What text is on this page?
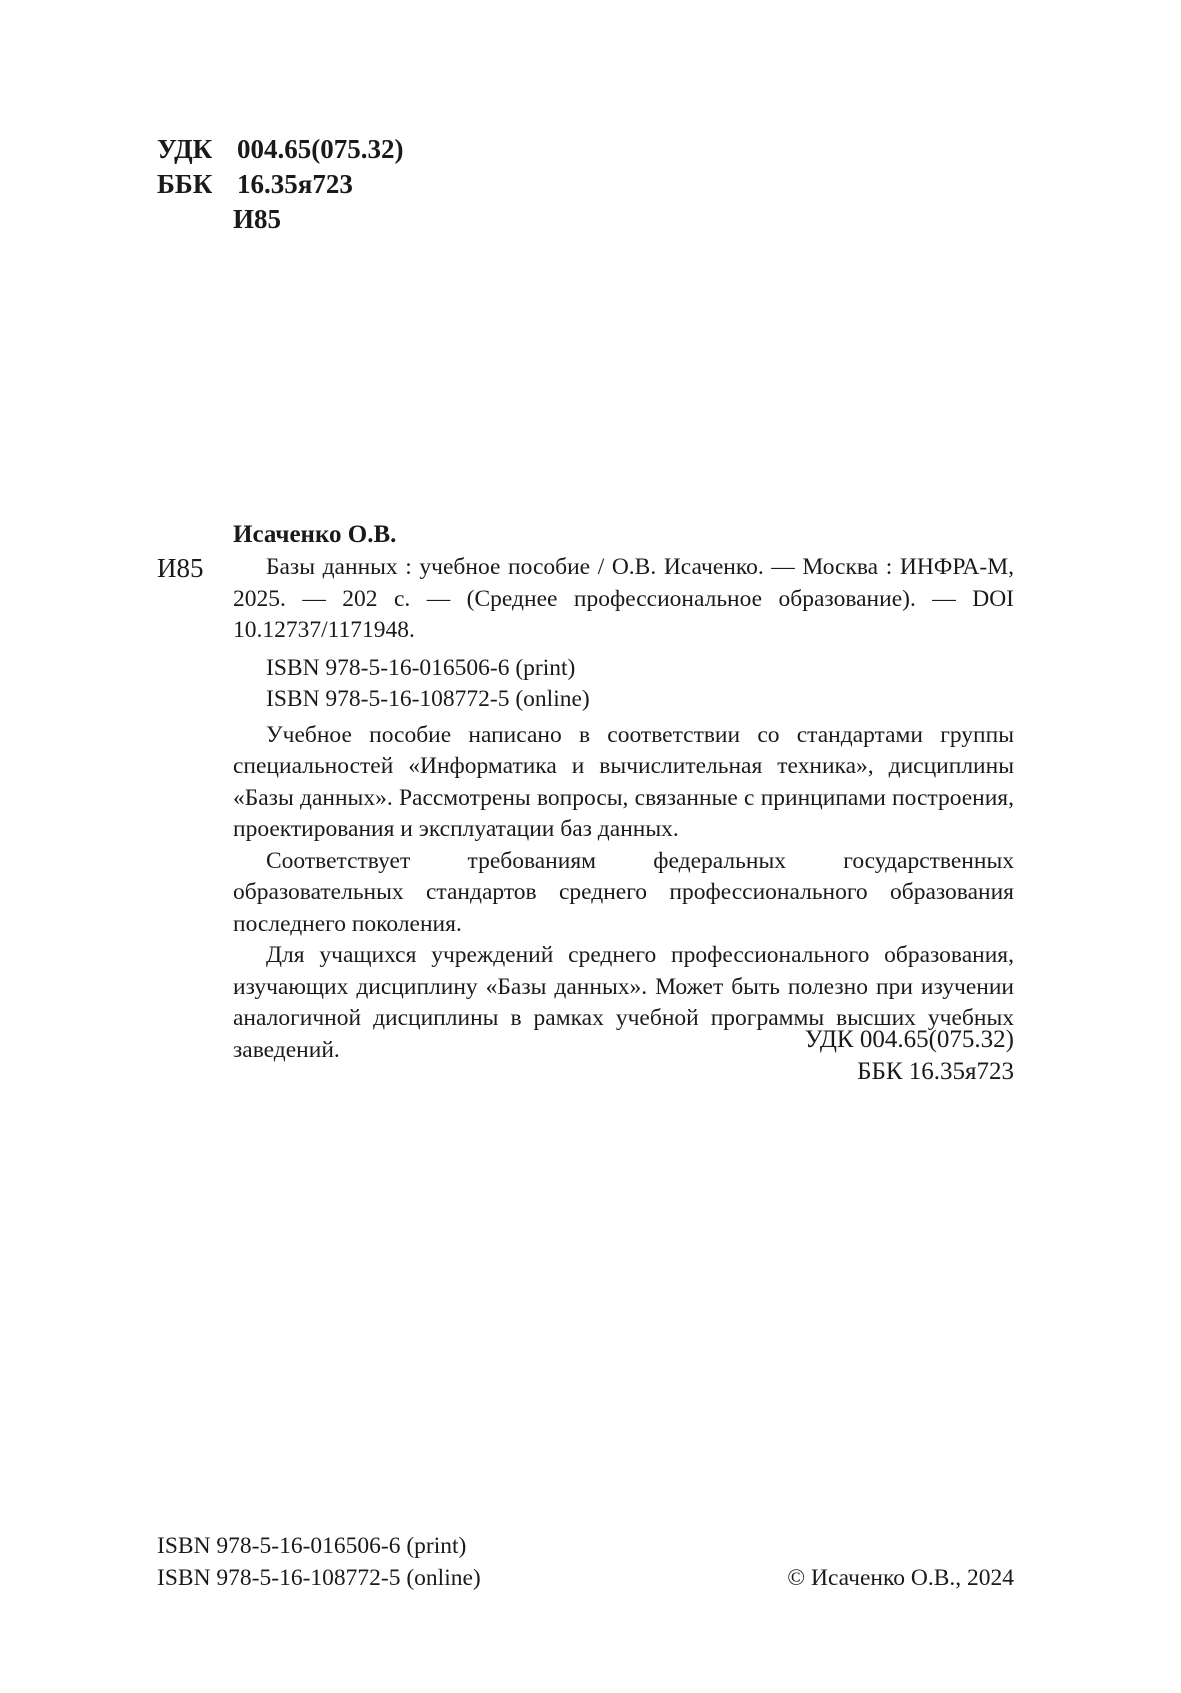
УДК 004.65(075.32)
ББК 16.35я723
И85
Исаченко О.В.
И85	Базы данных : учебное пособие / О.В. Исаченко. — Москва : ИНФРА-М, 2025. — 202 с. — (Среднее профессиональное образование). — DOI 10.12737/1171948.

ISBN 978-5-16-016506-6 (print)
ISBN 978-5-16-108772-5 (online)

Учебное пособие написано в соответствии со стандартами группы специальностей «Информатика и вычислительная техника», дисциплины «Базы данных». Рассмотрены вопросы, связанные с принципами построения, проектирования и эксплуатации баз данных.

Соответствует требованиям федеральных государственных образовательных стандартов среднего профессионального образования последнего поколения.

Для учащихся учреждений среднего профессионального образования, изучающих дисциплину «Базы данных». Может быть полезно при изучении аналогичной дисциплины в рамках учебной программы высших учебных заведений.	УДК 004.65(075.32)
ББК 16.35я723
ISBN 978-5-16-016506-6 (print)
ISBN 978-5-16-108772-5 (online)	© Исаченко О.В., 2024
